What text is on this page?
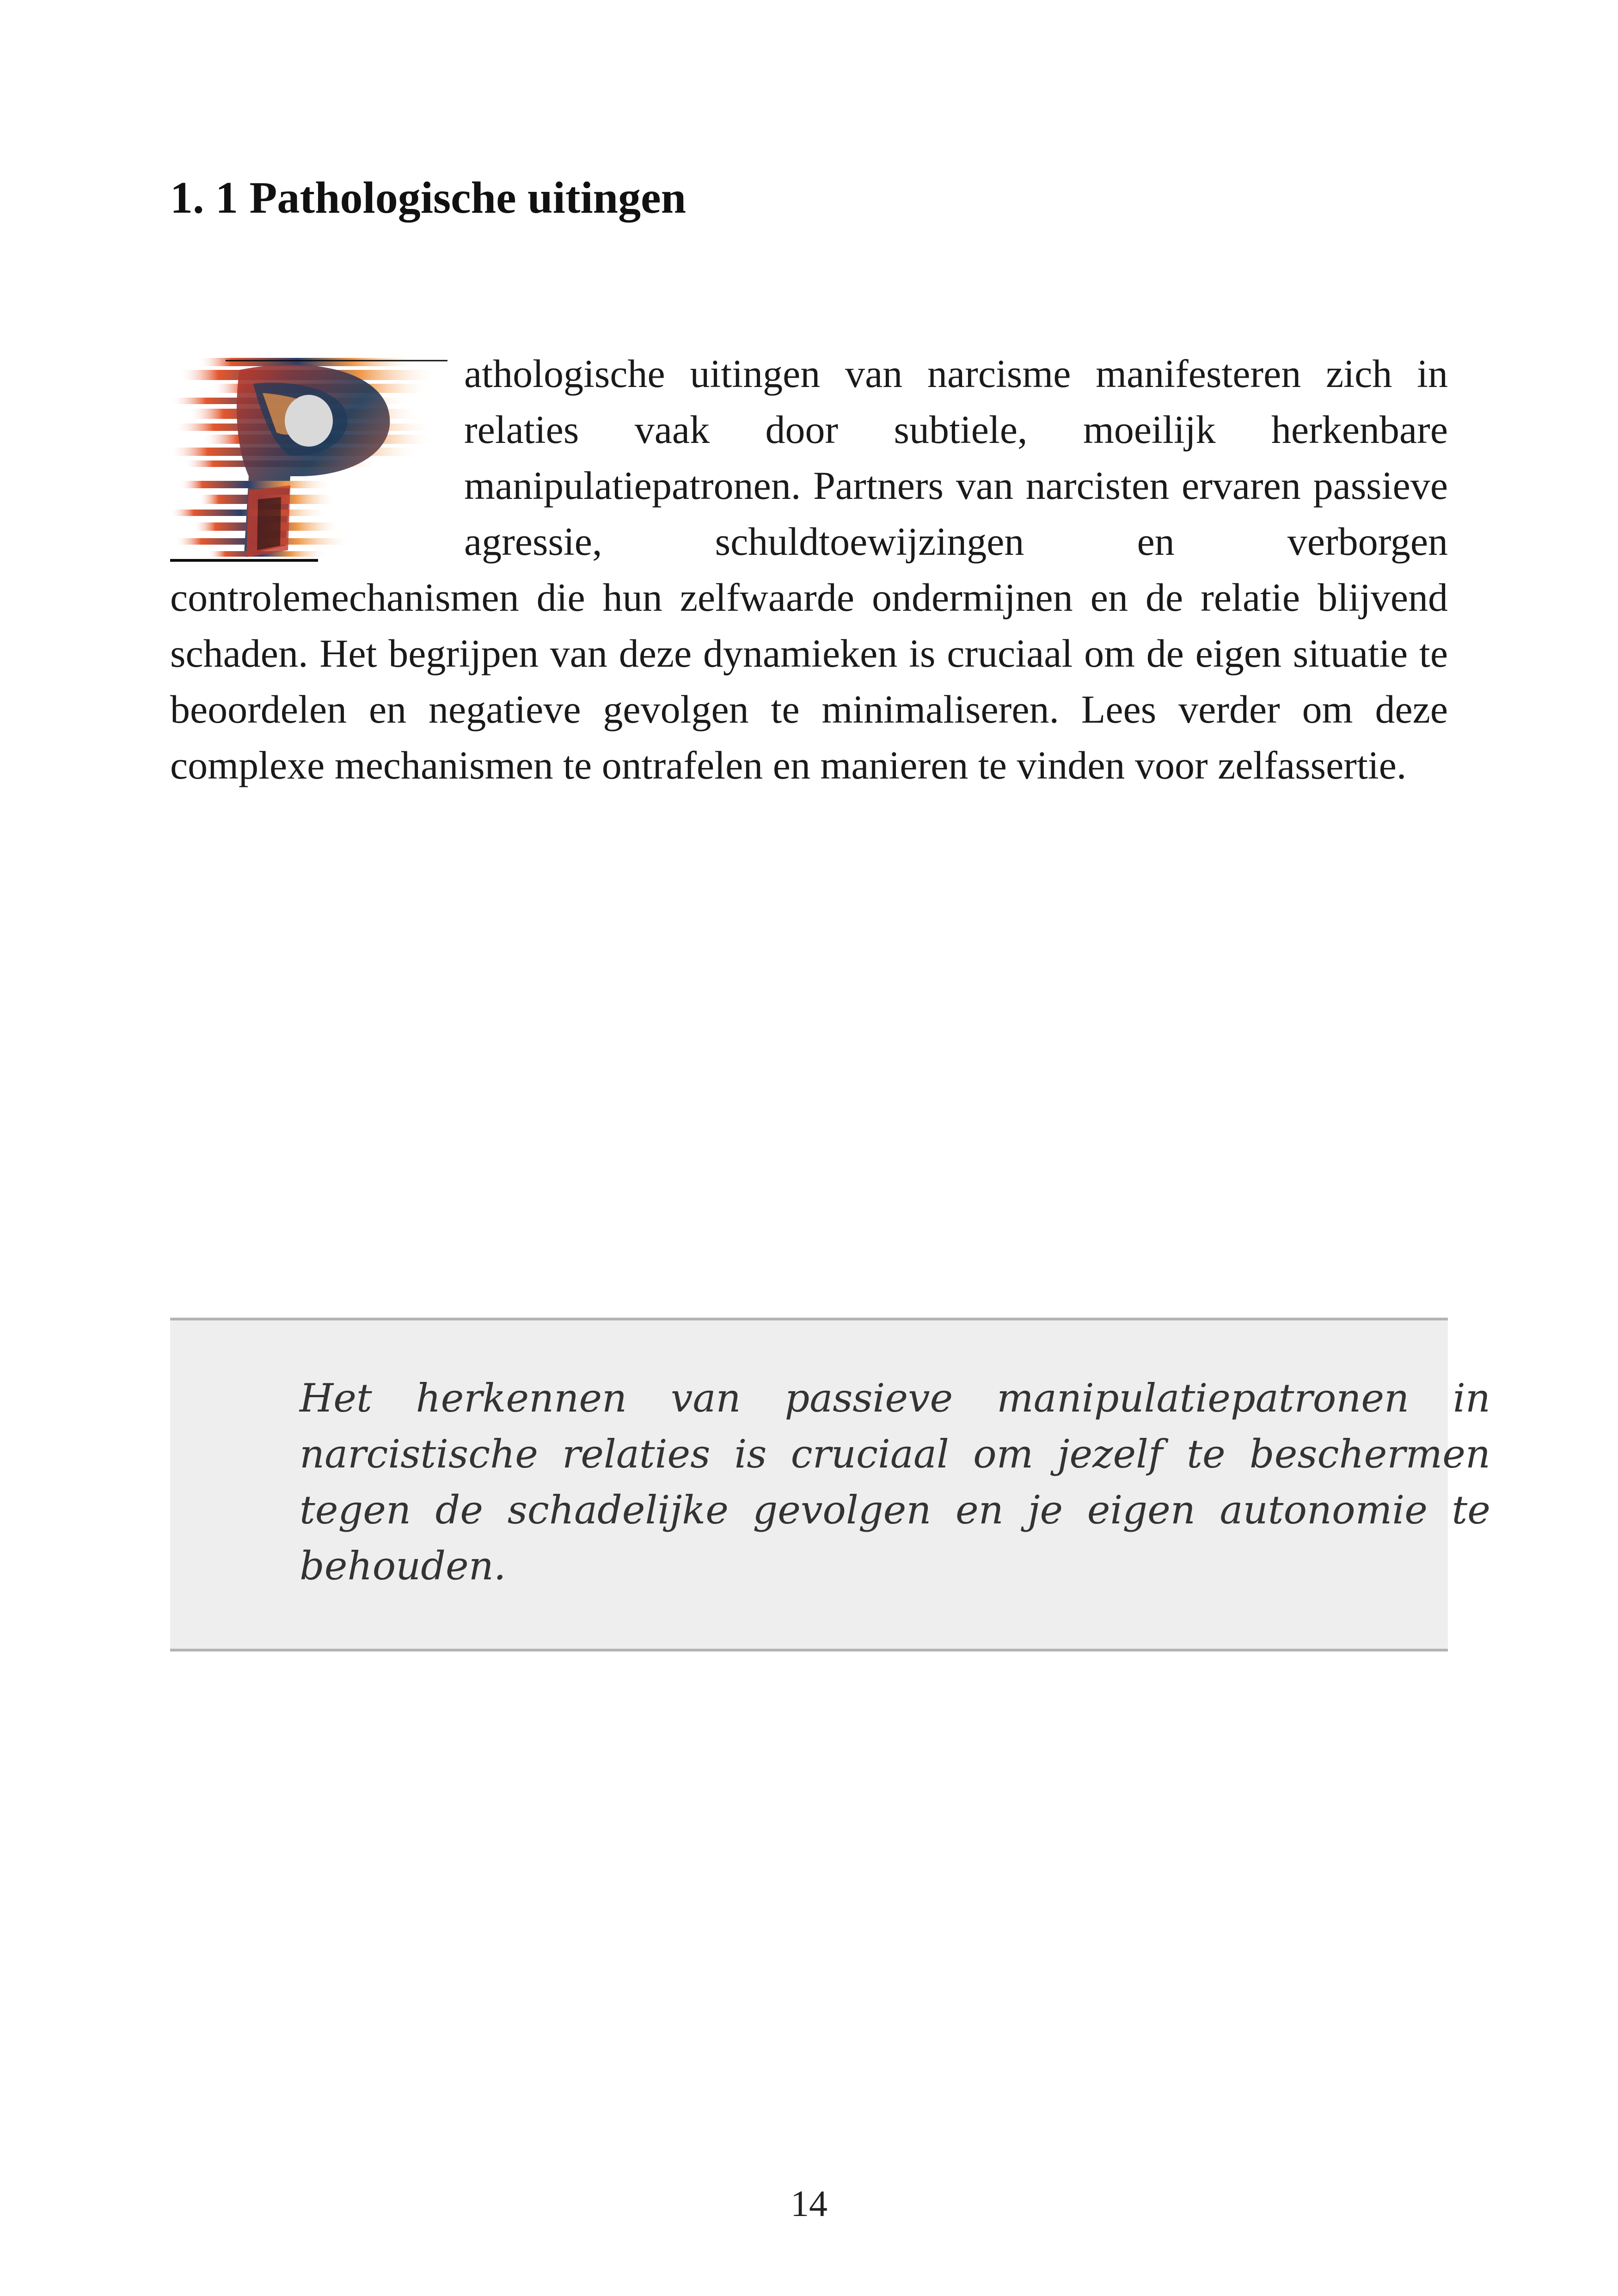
1. 1 Pathologische uitingen
athologische uitingen van narcisme manifesteren zich in relaties vaak door subtiele, moeilijk herkenbare manipulatiepatronen. Partners van narcisten ervaren passieve agressie, schuldtoewijzingen en verborgen controlemechanismen die hun zelfwaarde ondermijnen en de relatie blijvend schaden. Het begrijpen van deze dynamieken is cruciaal om de eigen situatie te beoordelen en negatieve gevolgen te minimaliseren. Lees verder om deze complexe mechanismen te ontrafelen en manieren te vinden voor zelfassertie.

Het herkennen van passieve manipulatiepatronen in narcistische relaties is cruciaal om jezelf te beschermen tegen de schadelijke gevolgen en je eigen autonomie te behouden.

14
